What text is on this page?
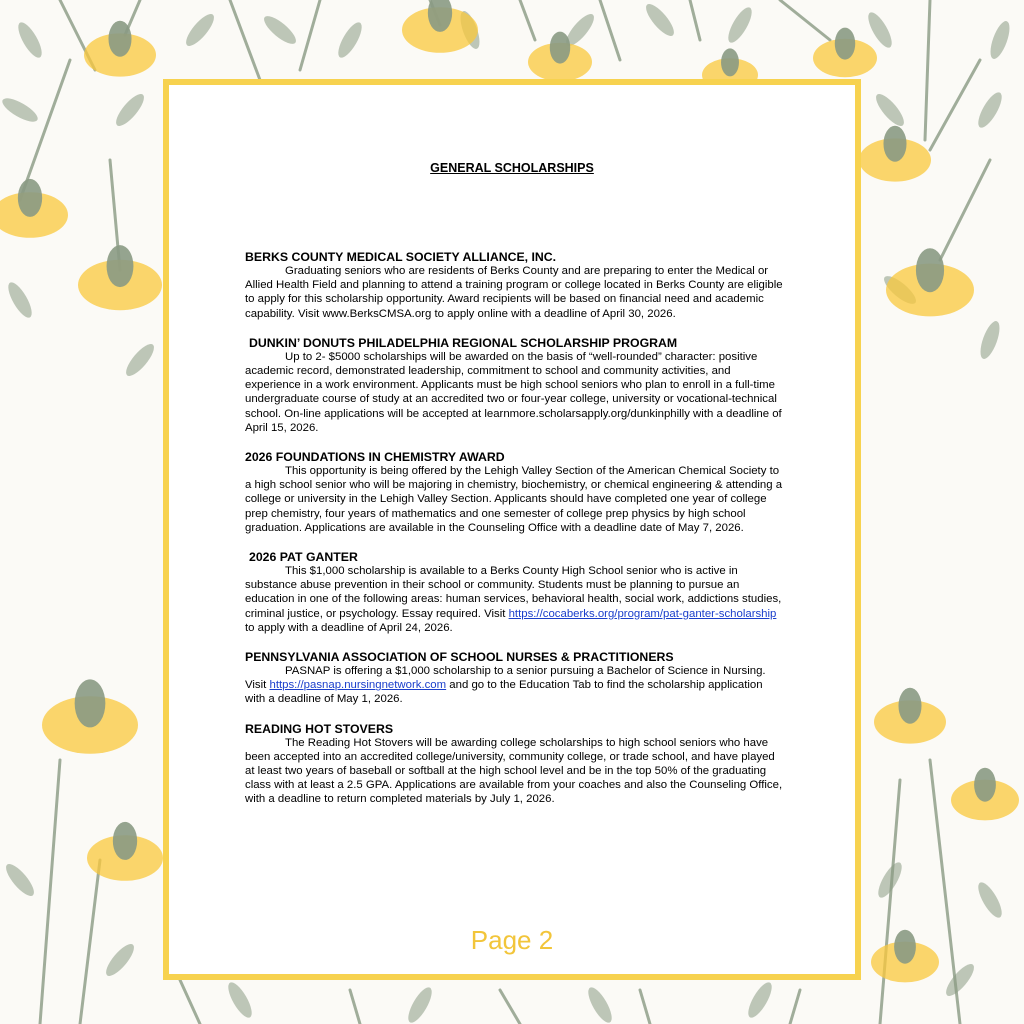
GENERAL SCHOLARSHIPS

BERKS COUNTY MEDICAL SOCIETY ALLIANCE, INC.

Graduating seniors who are residents of Berks County and are preparing to enter the Medical or Allied Health Field and planning to attend a training program or college located in Berks County are eligible to apply for this scholarship opportunity. Award recipients will be based on financial need and academic capability. Visit www.BerksCMSA.org to apply online with a deadline of April 30, 2026.

DUNKIN’ DONUTS PHILADELPHIA REGIONAL SCHOLARSHIP PROGRAM

Up to 2- $5000 scholarships will be awarded on the basis of “well-rounded” character: positive academic record, demonstrated leadership, commitment to school and community activities, and experience in a work environment. Applicants must be high school seniors who plan to enroll in a full-time undergraduate course of study at an accredited two or four-year college, university or vocational-technical school. On-line applications will be accepted at learnmore.scholarsapply.org/dunkinphilly with a deadline of April 15, 2026.

2026 FOUNDATIONS IN CHEMISTRY AWARD

This opportunity is being offered by the Lehigh Valley Section of the American Chemical Society to a high school senior who will be majoring in chemistry, biochemistry, or chemical engineering & attending a college or university in the Lehigh Valley Section. Applicants should have completed one year of college prep chemistry, four years of mathematics and one semester of college prep physics by high school graduation. Applications are available in the Counseling Office with a deadline date of May 7, 2026.

2026 PAT GANTER

This $1,000 scholarship is available to a Berks County High School senior who is active in substance abuse prevention in their school or community. Students must be planning to pursue an education in one of the following areas: human services, behavioral health, social work, addictions studies, criminal justice, or psychology. Essay required. Visit https://cocaberks.org/program/pat-ganter-scholarship to apply with a deadline of April 24, 2026.

PENNSYLVANIA ASSOCIATION OF SCHOOL NURSES & PRACTITIONERS

PASNAP is offering a $1,000 scholarship to a senior pursuing a Bachelor of Science in Nursing. Visit https://pasnap.nursingnetwork.com and go to the Education Tab to find the scholarship application with a deadline of May 1, 2026.

READING HOT STOVERS

The Reading Hot Stovers will be awarding college scholarships to high school seniors who have been accepted into an accredited college/university, community college, or trade school, and have played at least two years of baseball or softball at the high school level and be in the top 50% of the graduating class with at least a 2.5 GPA. Applications are available from your coaches and also the Counseling Office, with a deadline to return completed materials by July 1, 2026.

Page 2
